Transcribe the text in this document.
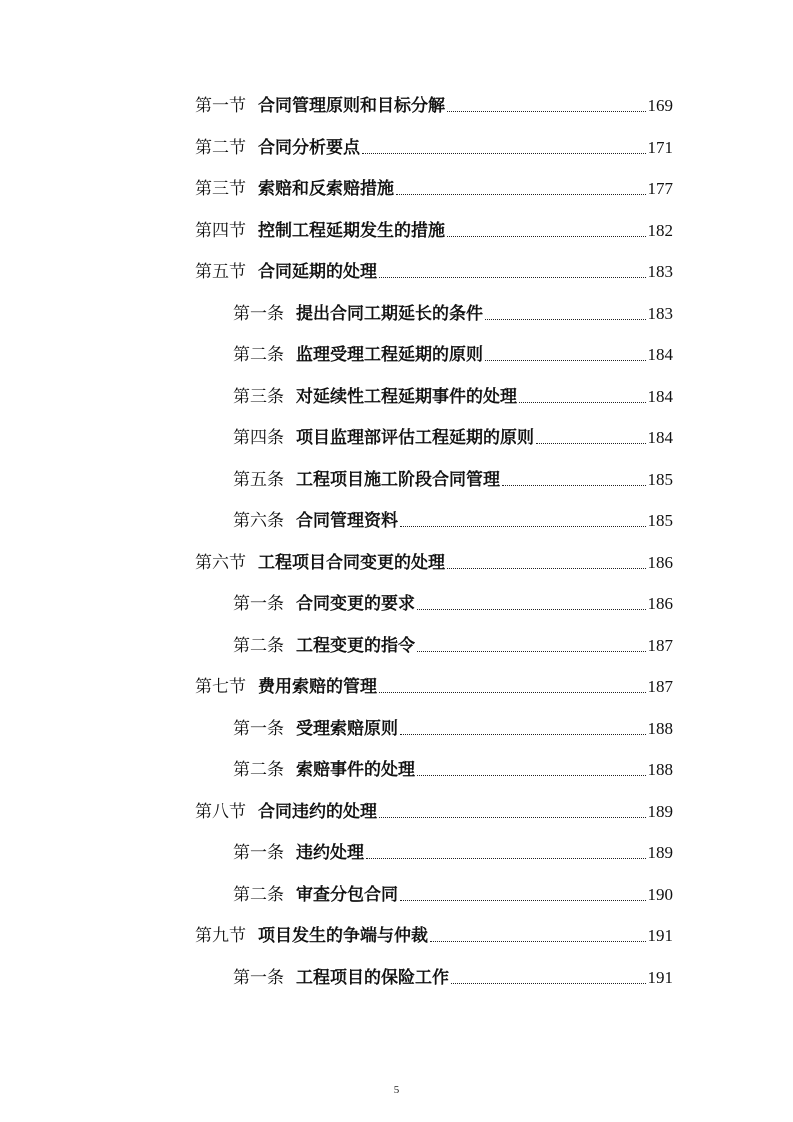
第一节 合同管理原则和目标分解	169
第二节 合同分析要点	171
第三节 索赔和反索赔措施	177
第四节 控制工程延期发生的措施	182
第五节 合同延期的处理	183
第一条 提出合同工期延长的条件	183
第二条 监理受理工程延期的原则	184
第三条 对延续性工程延期事件的处理	184
第四条 项目监理部评估工程延期的原则	184
第五条 工程项目施工阶段合同管理	185
第六条 合同管理资料	185
第六节 工程项目合同变更的处理	186
第一条 合同变更的要求	186
第二条 工程变更的指令	187
第七节 费用索赔的管理	187
第一条 受理索赔原则	188
第二条 索赔事件的处理	188
第八节 合同违约的处理	189
第一条 违约处理	189
第二条 审查分包合同	190
第九节 项目发生的争端与仲裁	191
第一条 工程项目的保险工作	191
5
